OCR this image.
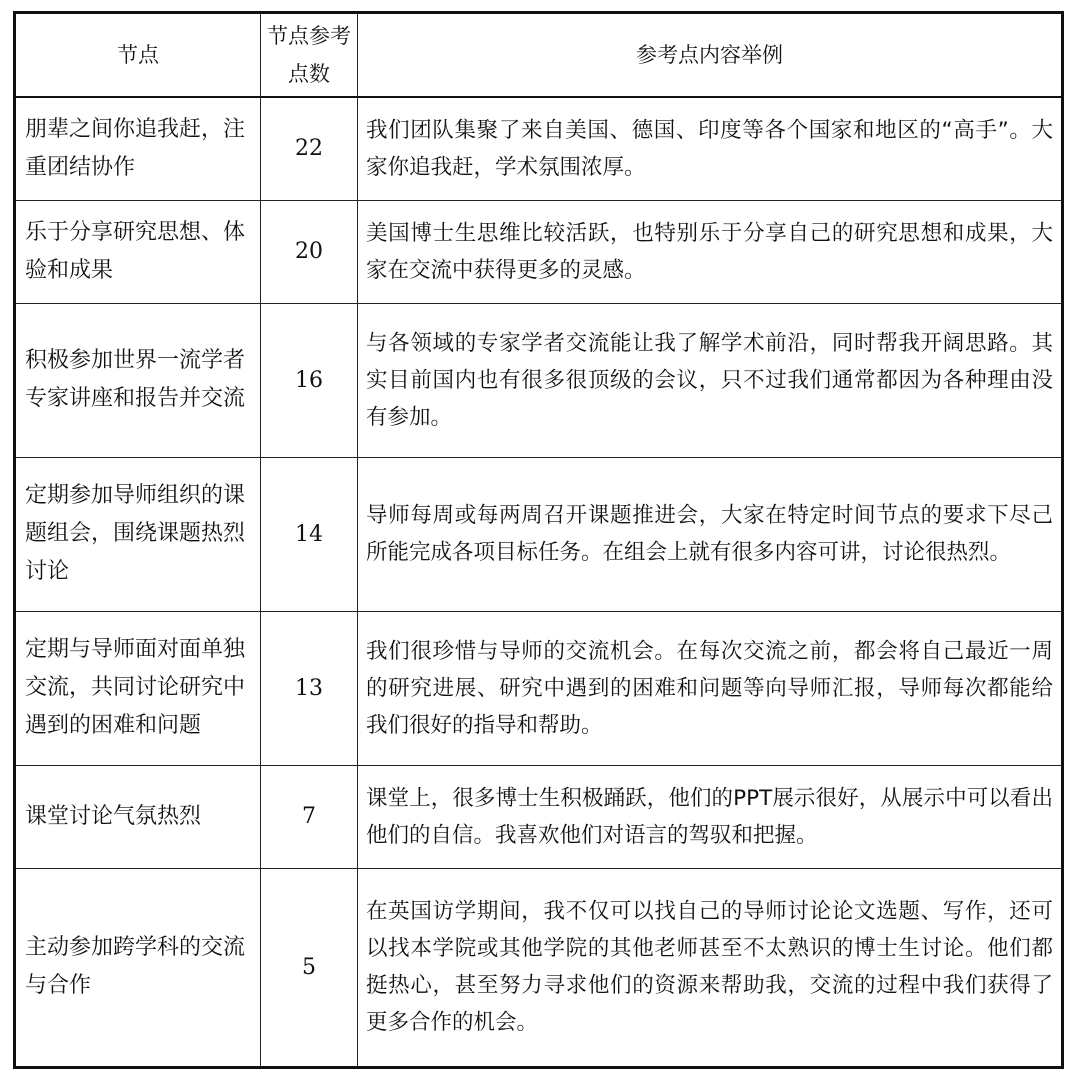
节点	节点参考点数	参考点内容举例
朋辈之间你追我赶，注重团结协作	22	我们团队集聚了来自美国、德国、印度等各个国家和地区的“高手”。大家你追我赶，学术氛围浓厚。
乐于分享研究思想、体验和成果	20	美国博士生思维比较活跃，也特别乐于分享自己的研究思想和成果，大家在交流中获得更多的灵感。
积极参加世界一流学者专家讲座和报告并交流	16	与各领域的专家学者交流能让我了解学术前沿，同时帮我开阔思路。其实目前国内也有很多很顶级的会议，只不过我们通常都因为各种理由没有参加。
定期参加导师组织的课题组会，围绕课题热烈讨论	14	导师每周或每两周召开课题推进会，大家在特定时间节点的要求下尽己所能完成各项目标任务。在组会上就有很多内容可讲，讨论很热烈。
定期与导师面对面单独交流，共同讨论研究中遇到的困难和问题	13	我们很珍惜与导师的交流机会。在每次交流之前，都会将自己最近一周的研究进展、研究中遇到的困难和问题等向导师汇报，导师每次都能给我们很好的指导和帮助。
课堂讨论气氛热烈	7	课堂上，很多博士生积极踊跃，他们的PPT展示很好，从展示中可以看出他们的自信。我喜欢他们对语言的驾驭和把握。
主动参加跨学科的交流与合作	5	在英国访学期间，我不仅可以找自己的导师讨论论文选题、写作，还可以找本学院或其他学院的其他老师甚至不太熟识的博士生讨论。他们都挺热心，甚至努力寻求他们的资源来帮助我，交流的过程中我们获得了更多合作的机会。
